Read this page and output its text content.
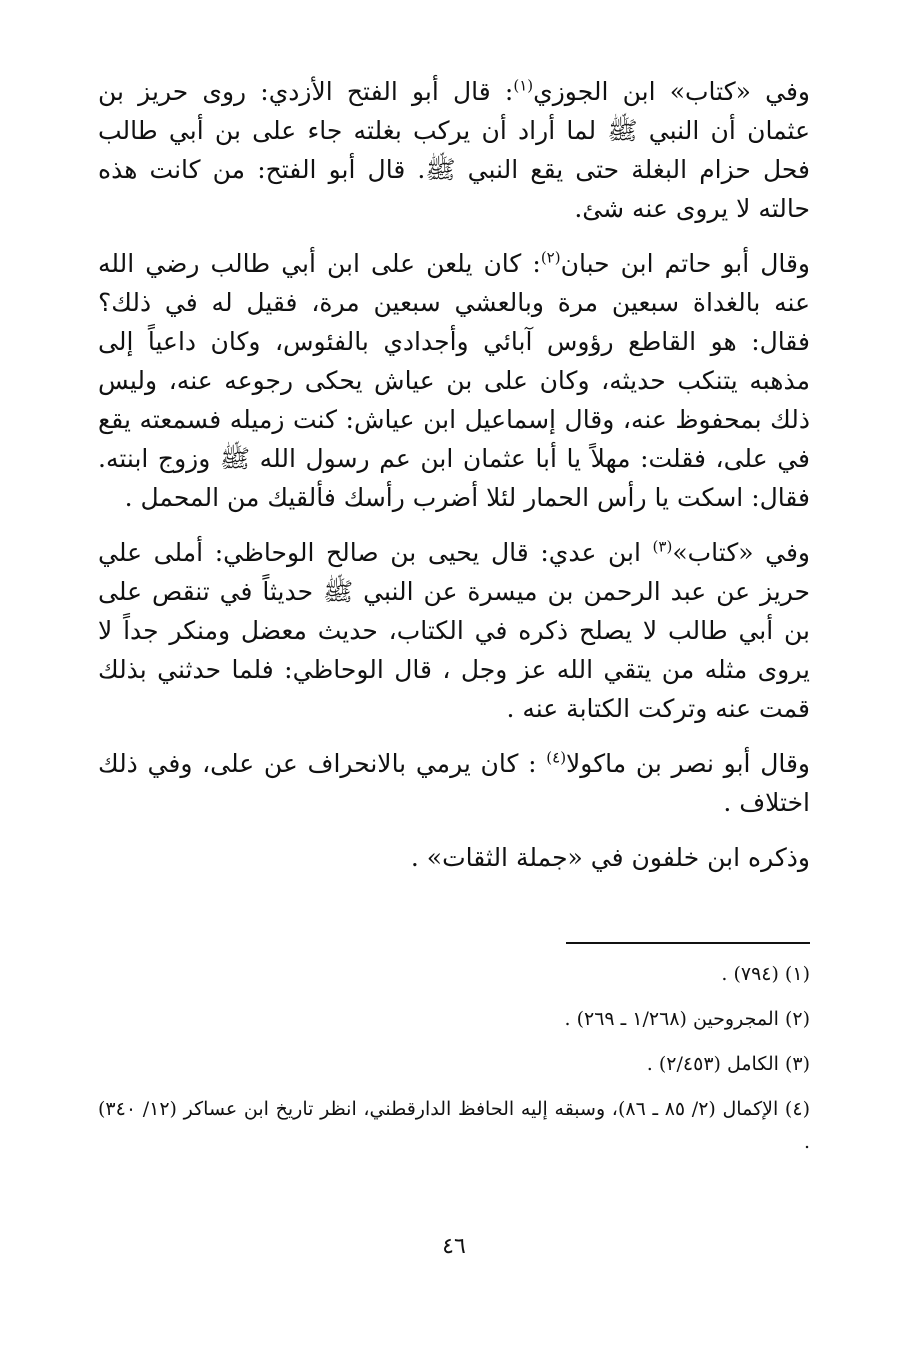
وفي «كتاب» ابن الجوزي$^{(١)}$: قال أبو الفتح الأزدي: روى حريز بن عثمان أن النبي ﷺ لما أراد أن يركب بغلته جاء على بن أبي طالب فحل حزام البغلة حتى يقع النبي ﷺ. قال أبو الفتح: من كانت هذه حالته لا يروى عنه شئ.

وقال أبو حاتم ابن حبان$^{(٢)}$: كان يلعن على ابن أبي طالب رضي الله عنه بالغداة سبعين مرة وبالعشي سبعين مرة، فقيل له في ذلك؟ فقال: هو القاطع رؤوس آبائي وأجدادي بالفئوس، وكان داعياً إلى مذهبه يتنكب حديثه، وكان على بن عياش يحكى رجوعه عنه، وليس ذلك بمحفوظ عنه، وقال إسماعيل ابن عياش: كنت زميله فسمعته يقع في على، فقلت: مهلاً يا أبا عثمان ابن عم رسول الله ﷺ وزوج ابنته. فقال: اسكت يا رأس الحمار لئلا أضرب رأسك فألقيك من المحمل .

وفي «كتاب»$^{(٣)}$ ابن عدي: قال يحيى بن صالح الوحاظي: أملى علي حريز عن عبد الرحمن بن ميسرة عن النبي ﷺ حديثاً في تنقص على بن أبي طالب لا يصلح ذكره في الكتاب، حديث معضل ومنكر جداً لا يروى مثله من يتقي الله عز وجل ، قال الوحاظي: فلما حدثني بذلك قمت عنه وتركت الكتابة عنه .

وقال أبو نصر بن ماكولا$^{(٤)}$ : كان يرمي بالانحراف عن على، وفي ذلك اختلاف .

وذكره ابن خلفون في «جملة الثقات» .

(١) (٧٩٤) .

(٢) المجروحين (١/٢٦٨ ـ ٢٦٩) .

(٣) الكامل (٢/٤٥٣) .

(٤) الإكمال (٢/ ٨٥ ـ ٨٦)، وسبقه إليه الحافظ الدارقطني، انظر تاريخ ابن عساكر (١٢/ ٣٤٠) .

٤٦
